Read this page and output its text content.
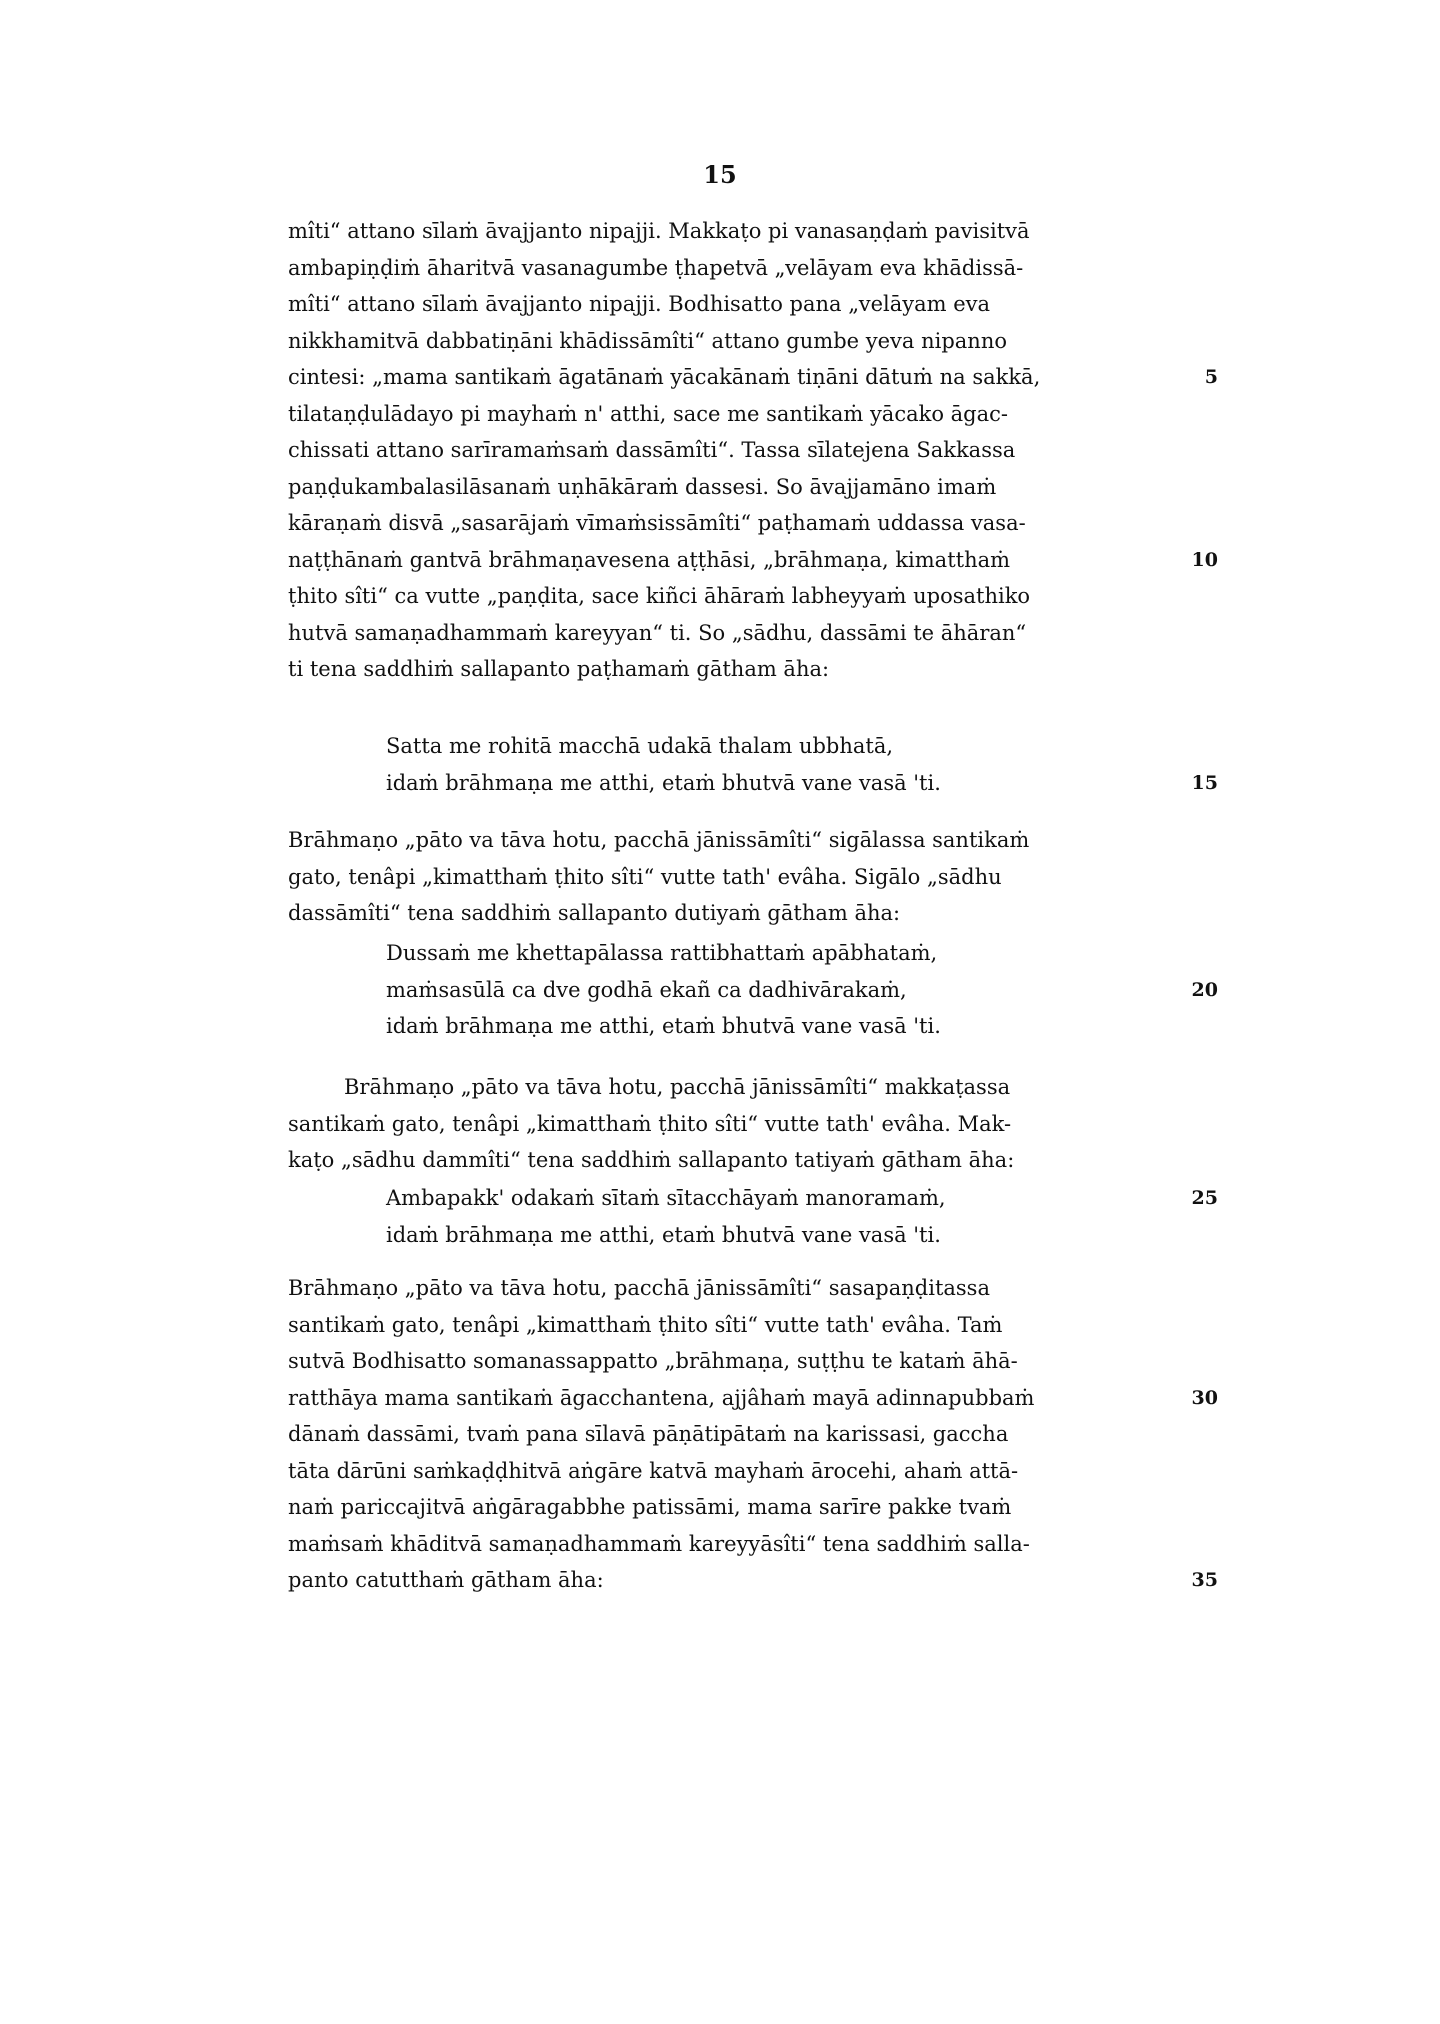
15
mîti“ attano sīlaṁ āvajjanto nipajji. Makkaṭo pi vanasaṇḍaṁ pavisitvā
ambapiṇḍiṁ āharitvā vasanagumbe ṭhapetvā „velāyam eva khādissā-
mîti“ attano sīlaṁ āvajjanto nipajji. Bodhisatto pana „velāyam eva
nikkhamitvā dabbatiṇāni khādissāmîti“ attano gumbe yeva nipanno
cintesi: „mama santikaṁ āgatānaṁ yācakānaṁ tiṇāni dātuṁ na sakkā,	5
tilataṇḍulādayo pi mayhaṁ n' atthi, sace me santikaṁ yācako āgac-
chissati attano sarīramaṁsaṁ dassāmîti“. Tassa sīlatejena Sakkassa
paṇḍukambalasilāsanaṁ uṇhākāraṁ dassesi. So āvajjamāno imaṁ
kāraṇaṁ disvā „sasarājaṁ vīmaṁsissāmîti“ paṭhamaṁ uddassa vasa-
naṭṭhānaṁ gantvā brāhmaṇavesena aṭṭhāsi, „brāhmaṇa, kimatthaṁ	10
ṭhito sîti“ ca vutte „paṇḍita, sace kiñci āhāraṁ labheyyaṁ uposathiko
hutvā samaṇadhammaṁ kareyyan“ ti. So „sādhu, dassāmi te āhāran“
ti tena saddhiṁ sallapanto paṭhamaṁ gātham āha:
Satta me rohitā macchā udakā thalam ubbhatā,
idaṁ brāhmaṇa me atthi, etaṁ bhutvā vane vasā 'ti.	15
Brāhmaṇo „pāto va tāva hotu, pacchā jānissāmîti“ sigālassa santikaṁ
gato, tenâpi „kimatthaṁ ṭhito sîti“ vutte tath' evâha. Sigālo „sādhu
dassāmîti“ tena saddhiṁ sallapanto dutiyaṁ gātham āha:
Dussaṁ me khettapālassa rattibhattaṁ apābhataṁ,
maṁsasūlā ca dve godhā ekañ ca dadhivārakaṁ,	20
idaṁ brāhmaṇa me atthi, etaṁ bhutvā vane vasā 'ti.
Brāhmaṇo „pāto va tāva hotu, pacchā jānissāmîti“ makkaṭassa
santikaṁ gato, tenâpi „kimatthaṁ ṭhito sîti“ vutte tath' evâha. Mak-
kaṭo „sādhu dammîti“ tena saddhiṁ sallapanto tatiyaṁ gātham āha:
Ambapakk' odakaṁ sītaṁ sītacchāyaṁ manoramaṁ,	25
idaṁ brāhmaṇa me atthi, etaṁ bhutvā vane vasā 'ti.
Brāhmaṇo „pāto va tāva hotu, pacchā jānissāmîti“ sasapaṇḍitassa
santikaṁ gato, tenâpi „kimatthaṁ ṭhito sîti“ vutte tath' evâha. Taṁ
sutvā Bodhisatto somanassappatto „brāhmaṇa, suṭṭhu te kataṁ āhā-
ratthāya mama santikaṁ āgacchantena, ajjâhaṁ mayā adinnapubbaṁ	30
dānaṁ dassāmi, tvaṁ pana sīlavā pāṇātipātaṁ na karissasi, gaccha
tāta dārūni saṁkaḍḍhitvā aṅgāre katvā mayhaṁ ārocehi, ahaṁ attā-
naṁ pariccajitvā aṅgāragabbhe patissāmi, mama sarīre pakke tvaṁ
maṁsaṁ khāditvā samaṇadhammaṁ kareyyāsîti“ tena saddhiṁ salla-
panto catutthaṁ gātham āha:	35
